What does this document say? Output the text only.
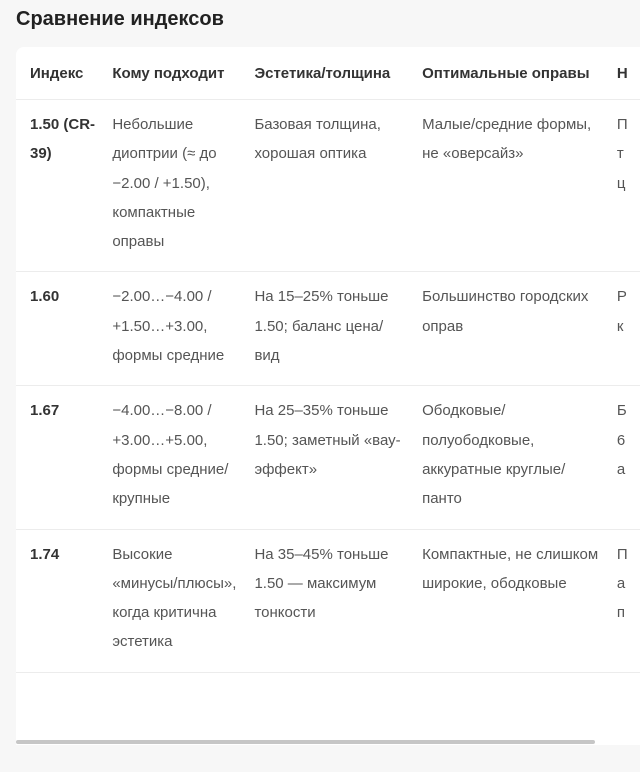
Сравнение индексов
Индекс	Кому подходит	Эстетика/толщина	Оптимальные оправы	Н
1.50 (CR-39)	Небольшие диоптрии (≈ до −2.00 / +1.50), компактные оправы	Базовая толщина, хорошая оптика	Малые/средние формы, не «оверсайз»	П
т
ц

1.60	−2.00…−4.00 / +1.50…+3.00, формы средние	На 15–25% тоньше 1.50; баланс цена/вид	Большинство городских оправ	Р
к

1.67	−4.00…−8.00 / +3.00…+5.00, формы средние/крупные	На 25–35% тоньше 1.50; заметный «вау-эффект»	Ободковые/полуободковые, аккуратные круглые/панто	Б
6
а

1.74	Высокие «минусы/плюсы», когда критична эстетика	На 35–45% тоньше 1.50 — максимум тонкости	Компактные, не слишком широкие, ободковые	П
а
п
